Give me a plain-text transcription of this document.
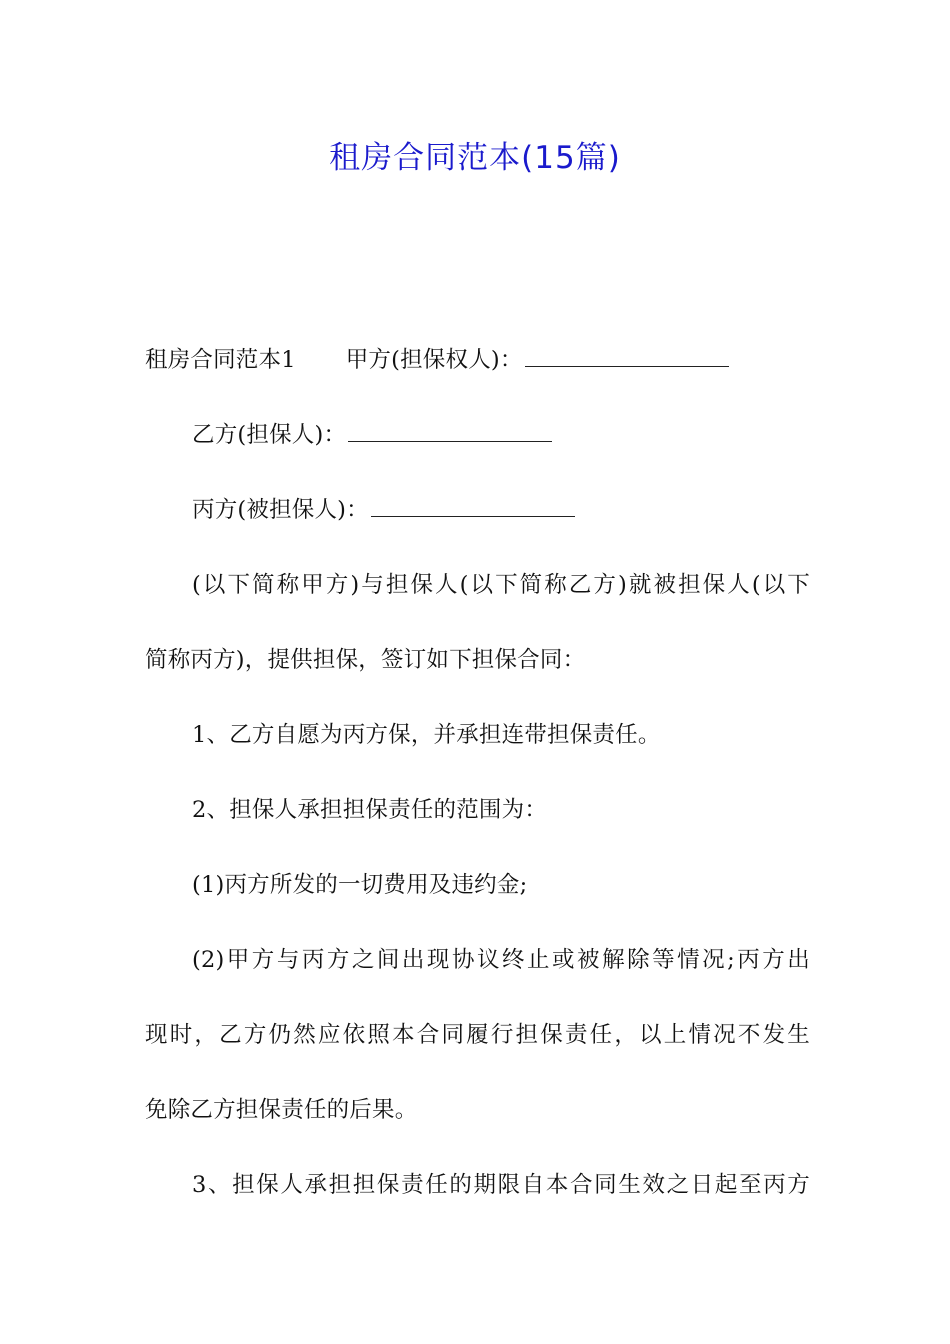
租房合同范本(15篇)
租房合同范本1 甲方(担保权人)：
乙方(担保人)：
丙方(被担保人)：
(以下简称甲方)与担保人(以下简称乙方)就被担保人(以下
简称丙方)，提供担保，签订如下担保合同：
1、乙方自愿为丙方保，并承担连带担保责任。
2、担保人承担担保责任的范围为：
(1)丙方所发的一切费用及违约金;
(2)甲方与丙方之间出现协议终止或被解除等情况;丙方出
现时，乙方仍然应依照本合同履行担保责任，以上情况不发生
免除乙方担保责任的后果。
3、担保人承担担保责任的期限自本合同生效之日起至丙方
